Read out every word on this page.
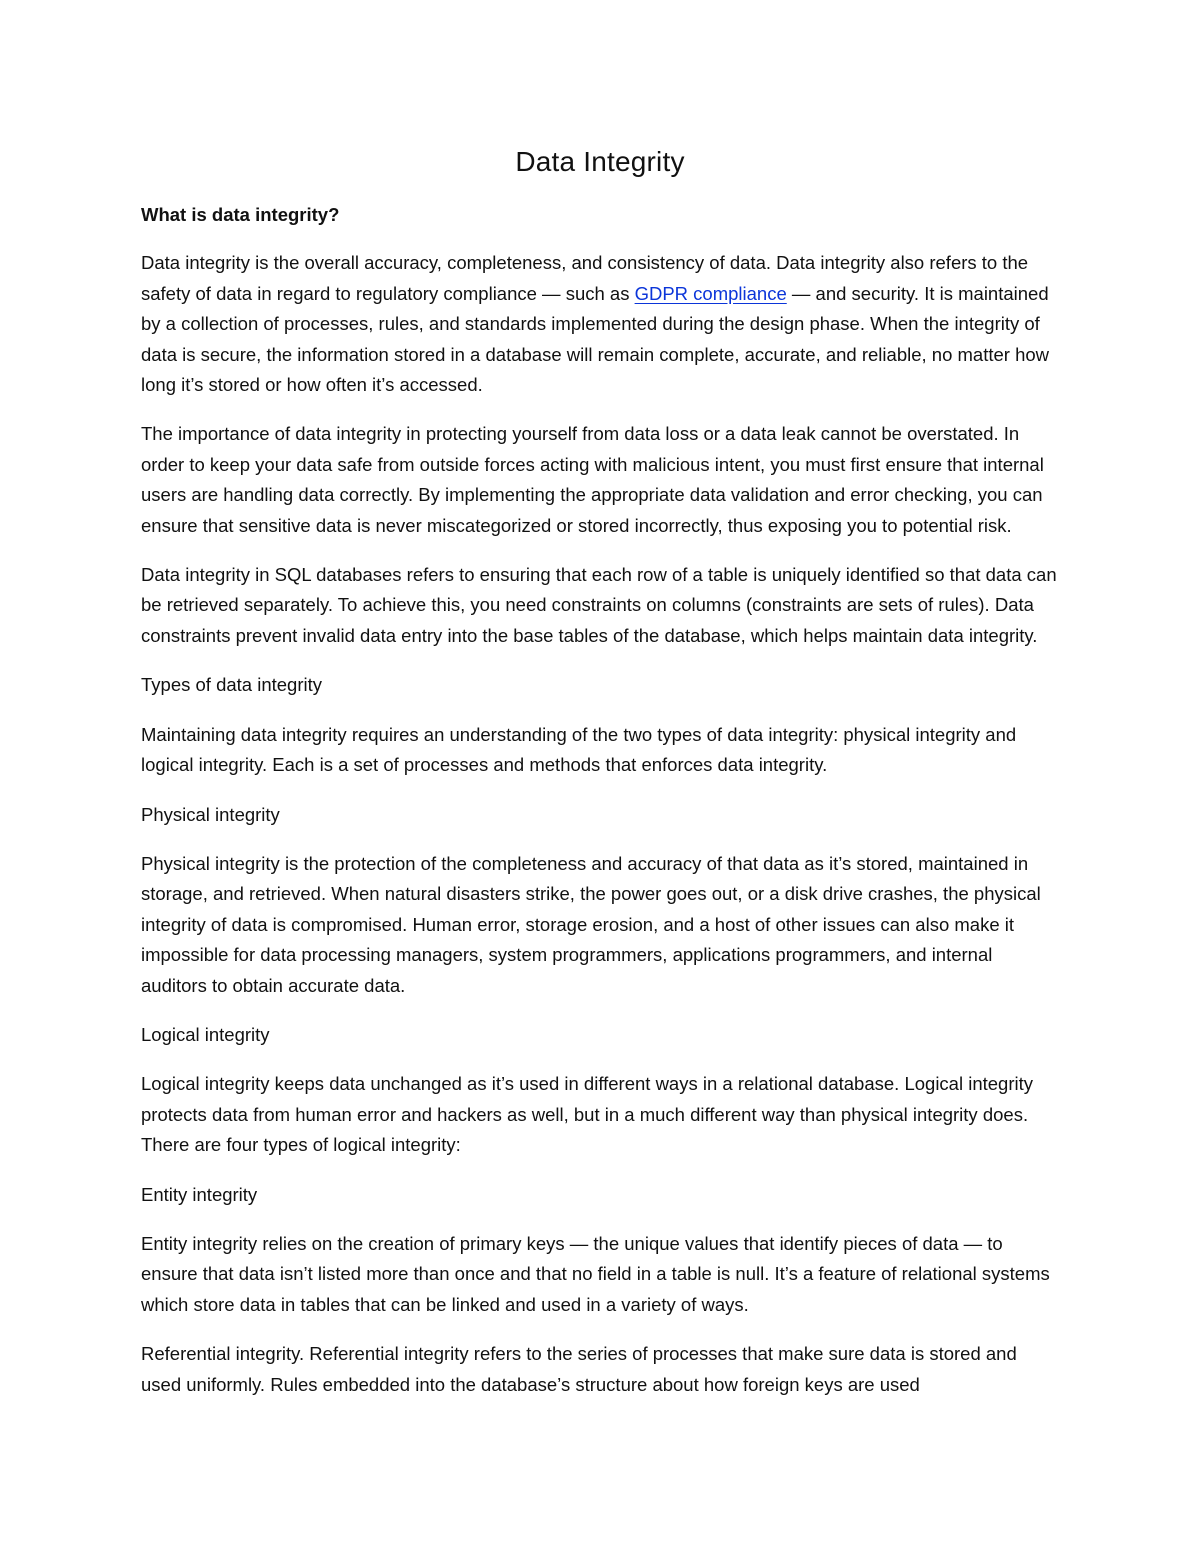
Data Integrity

What is data integrity?

Data integrity is the overall accuracy, completeness, and consistency of data. Data integrity also refers to the safety of data in regard to regulatory compliance — such as GDPR compliance — and security. It is maintained by a collection of processes, rules, and standards implemented during the design phase. When the integrity of data is secure, the information stored in a database will remain complete, accurate, and reliable, no matter how long it’s stored or how often it’s accessed.

The importance of data integrity in protecting yourself from data loss or a data leak cannot be overstated. In order to keep your data safe from outside forces acting with malicious intent, you must first ensure that internal users are handling data correctly. By implementing the appropriate data validation and error checking, you can ensure that sensitive data is never miscategorized or stored incorrectly, thus exposing you to potential risk.

Data integrity in SQL databases refers to ensuring that each row of a table is uniquely identified so that data can be retrieved separately. To achieve this, you need constraints on columns (constraints are sets of rules). Data constraints prevent invalid data entry into the base tables of the database, which helps maintain data integrity.

Types of data integrity

Maintaining data integrity requires an understanding of the two types of data integrity: physical integrity and logical integrity. Each is a set of processes and methods that enforces data integrity.

Physical integrity

Physical integrity is the protection of the completeness and accuracy of that data as it’s stored, maintained in storage, and retrieved. When natural disasters strike, the power goes out, or a disk drive crashes, the physical integrity of data is compromised. Human error, storage erosion, and a host of other issues can also make it impossible for data processing managers, system programmers, applications programmers, and internal auditors to obtain accurate data.

Logical integrity

Logical integrity keeps data unchanged as it’s used in different ways in a relational database. Logical integrity protects data from human error and hackers as well, but in a much different way than physical integrity does. There are four types of logical integrity:

Entity integrity

Entity integrity relies on the creation of primary keys — the unique values that identify pieces of data — to ensure that data isn’t listed more than once and that no field in a table is null. It’s a feature of relational systems which store data in tables that can be linked and used in a variety of ways.

Referential integrity. Referential integrity refers to the series of processes that make sure data is stored and used uniformly. Rules embedded into the database’s structure about how foreign keys are used
